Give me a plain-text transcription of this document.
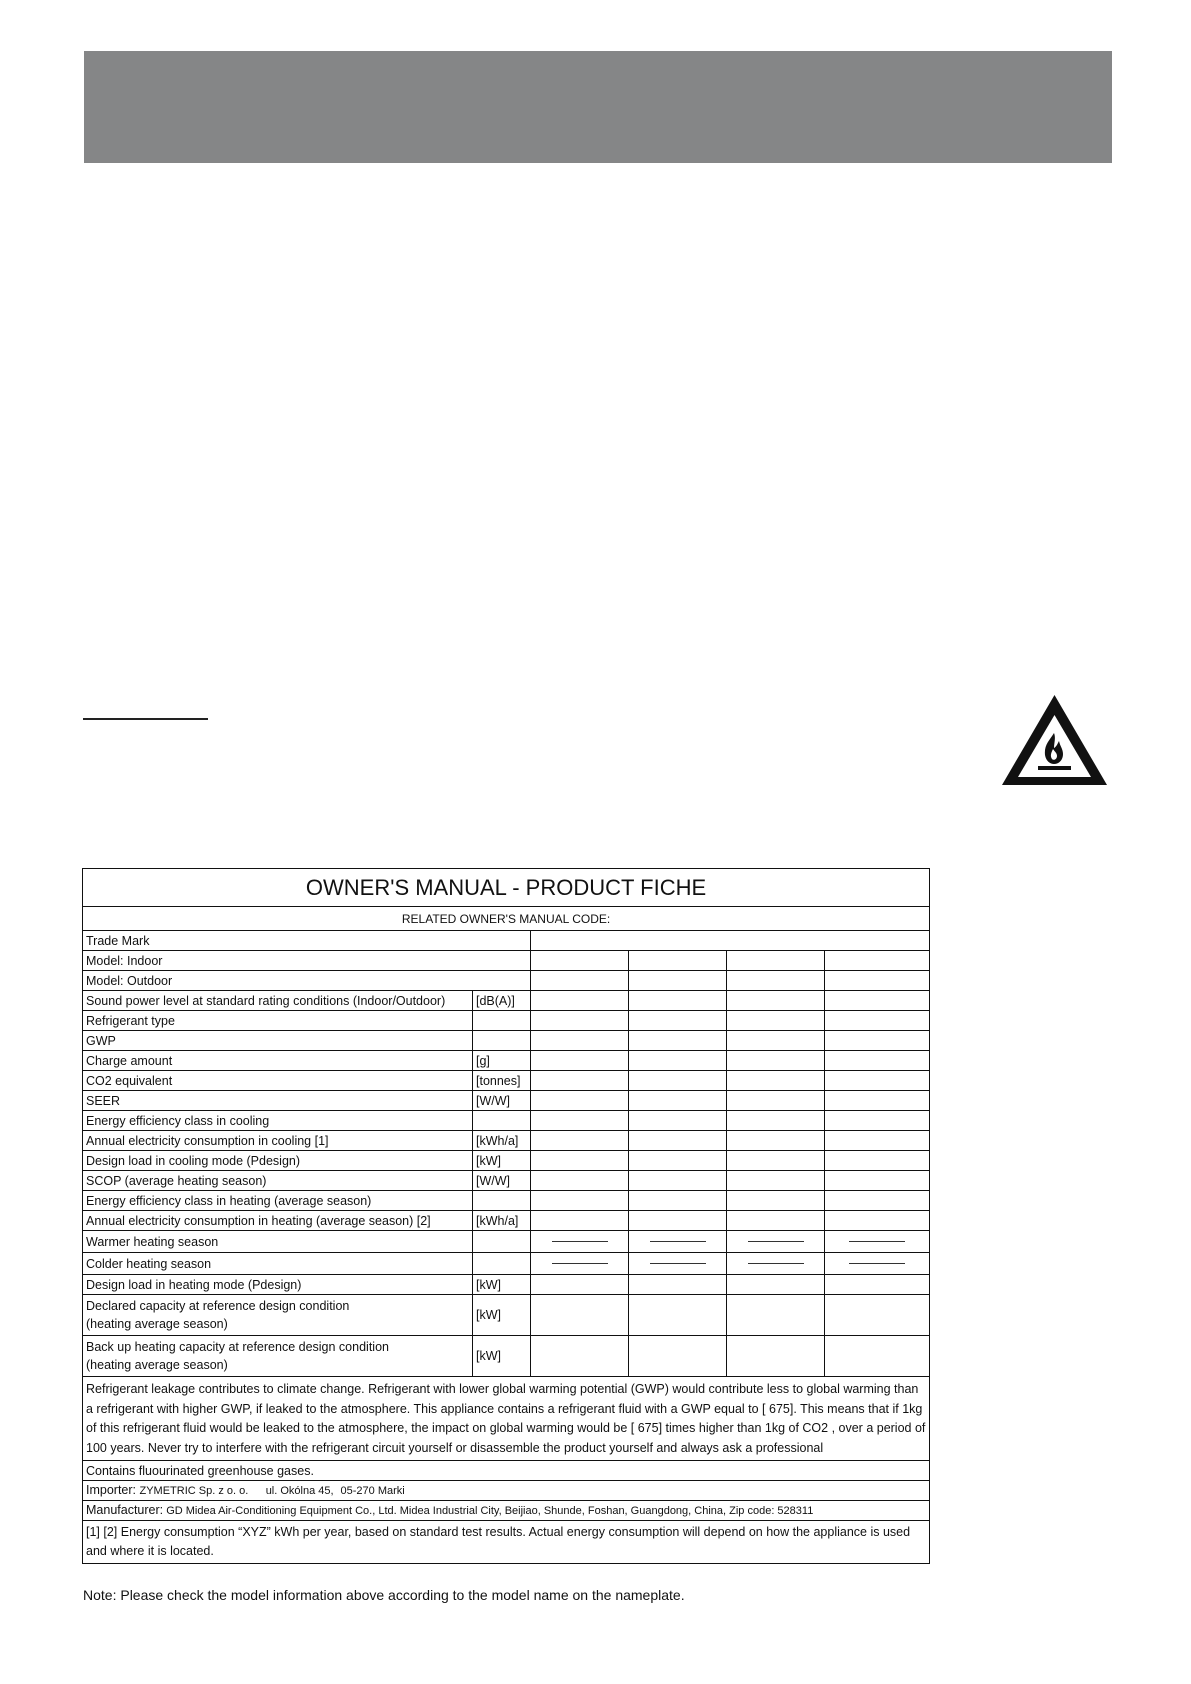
OWNER'S MANUAL - PRODUCT FICHE					
RELATED OWNER'S MANUAL CODE:					
Trade Mark					
Model: Indoor					
Model: Outdoor					
Sound power level at standard rating conditions (Indoor/Outdoor)	[dB(A)]				
Refrigerant type					
GWP					
Charge amount	[g]				
CO2 equivalent	[tonnes]				
SEER	[W/W]				
Energy efficiency class in cooling					
Annual electricity consumption in cooling [1]	[kWh/a]				
Design load in cooling mode (Pdesign)	[kW]				
SCOP (average heating season)	[W/W]				
Energy efficiency class in heating (average season)					
Annual electricity consumption in heating (average season) [2]	[kWh/a]				
Warmer heating season		

Colder heating season		

Design load in heating mode (Pdesign)	[kW]				
Declared capacity at reference design condition
(heating average season)	[kW]				
Back up heating capacity at reference design condition
(heating average season)	[kW]				
Refrigerant leakage contributes to climate change. Refrigerant with lower global warming potential (GWP) would contribute less to global warming than a refrigerant with higher GWP, if leaked to the atmosphere. This appliance contains a refrigerant fluid with a GWP equal to [ 675]. This means that if 1kg of this refrigerant fluid would be leaked to the atmosphere, the impact on global warming would be [ 675] times higher than 1kg of CO2 , over a period of 100 years. Never try to interfere with the refrigerant circuit yourself or disassemble the product yourself and always ask a professional					
Contains fluourinated greenhouse gases.					
Importer: ZYMETRIC Sp. z o. o. ul. Okólna 45, 05-270 Marki					
Manufacturer: GD Midea Air-Conditioning Equipment Co., Ltd. Midea Industrial City, Beijiao, Shunde, Foshan, Guangdong, China, Zip code: 528311					
[1] [2] Energy consumption “XYZ” kWh per year, based on standard test results. Actual energy consumption will depend on how the appliance is used and where it is located.					
Note: Please check the model information above according to the model name on the nameplate.
